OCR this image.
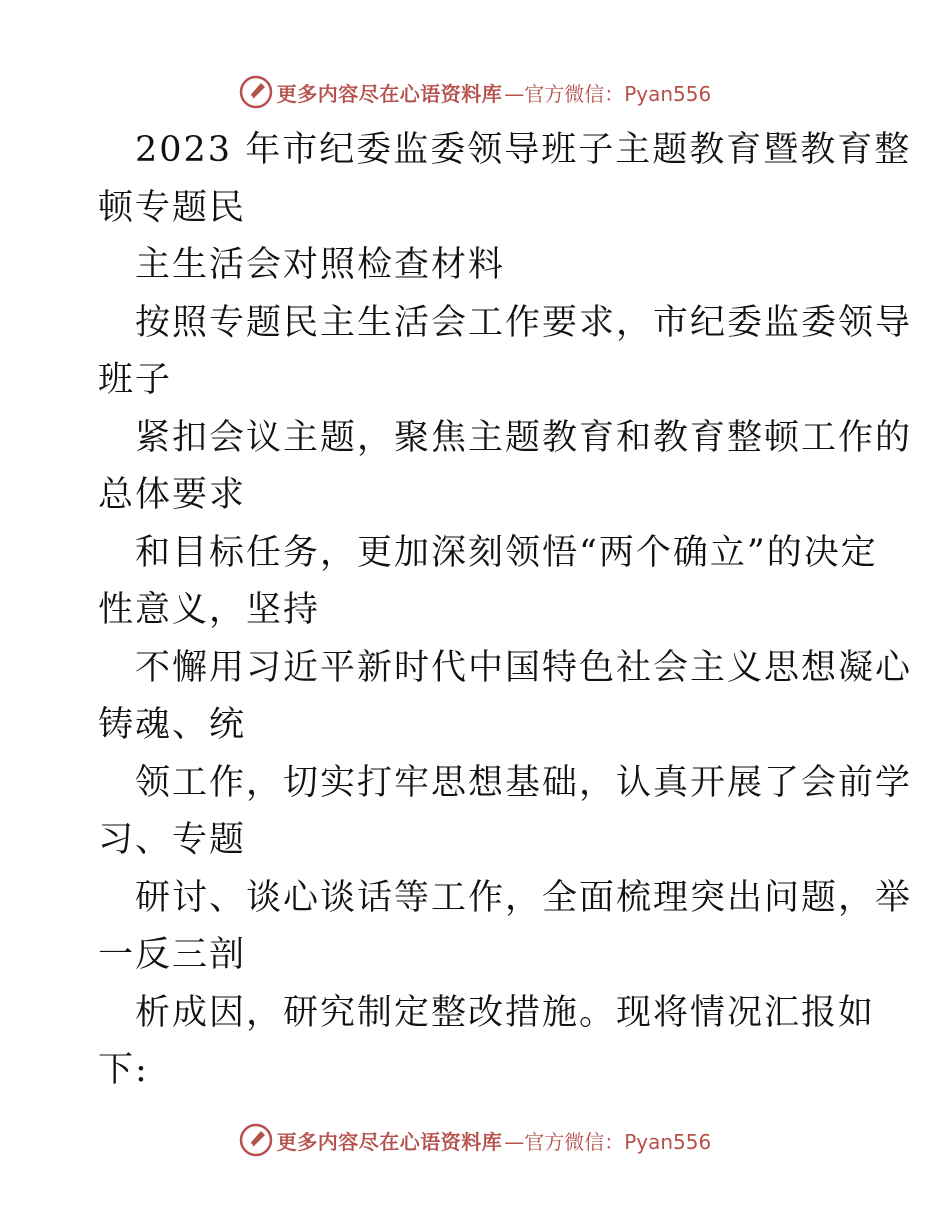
更多内容尽在心语资料库 —官方微信：Pyan556
2023 年市纪委监委领导班子主题教育暨教育整
顿专题民
主生活会对照检查材料
按照专题民主生活会工作要求，市纪委监委领导
班子
紧扣会议主题，聚焦主题教育和教育整顿工作的
总体要求
和目标任务，更加深刻领悟“两个确立”的决定
性意义，坚持
不懈用习近平新时代中国特色社会主义思想凝心
铸魂、统
领工作，切实打牢思想基础，认真开展了会前学
习、专题
研讨、谈心谈话等工作，全面梳理突出问题，举
一反三剖
析成因，研究制定整改措施。现将情况汇报如
下:
更多内容尽在心语资料库 —官方微信：Pyan556
